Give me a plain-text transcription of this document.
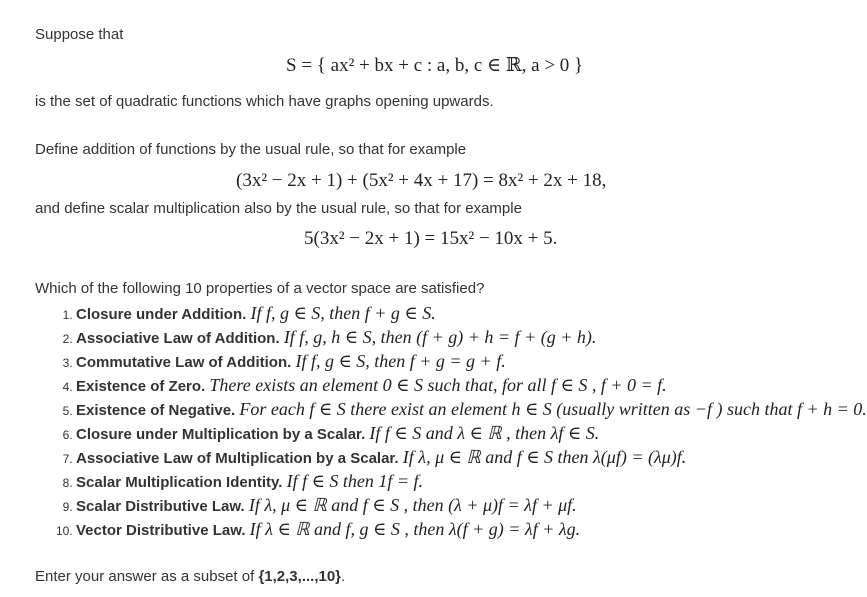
Suppose that
S = { ax² + bx + c : a, b, c ∈ ℝ, a > 0 }
is the set of quadratic functions which have graphs opening upwards.
Define addition of functions by the usual rule, so that for example
(3x² − 2x + 1) + (5x² + 4x + 17) = 8x² + 2x + 18,
and define scalar multiplication also by the usual rule, so that for example
5(3x² − 2x + 1) = 15x² − 10x + 5.
Which of the following 10 properties of a vector space are satisfied?
1. Closure under Addition. If f, g ∈ S, then f + g ∈ S.
2. Associative Law of Addition. If f, g, h ∈ S, then (f + g) + h = f + (g + h).
3. Commutative Law of Addition. If f, g ∈ S, then f + g = g + f.
4. Existence of Zero. There exists an element 0 ∈ S such that, for all f ∈ S , f + 0 = f.
5. Existence of Negative. For each f ∈ S there exist an element h ∈ S (usually written as −f ) such that f + h = 0.
6. Closure under Multiplication by a Scalar. If f ∈ S and λ ∈ ℝ , then λf ∈ S.
7. Associative Law of Multiplication by a Scalar. If λ, μ ∈ ℝ and f ∈ S then λ(μf) = (λμ)f.
8. Scalar Multiplication Identity. If f ∈ S then 1f = f.
9. Scalar Distributive Law. If λ, μ ∈ ℝ and f ∈ S , then (λ + μ)f = λf + μf.
10. Vector Distributive Law. If λ ∈ ℝ and f, g ∈ S , then λ(f + g) = λf + λg.
Enter your answer as a subset of {1,2,3,...,10}.
